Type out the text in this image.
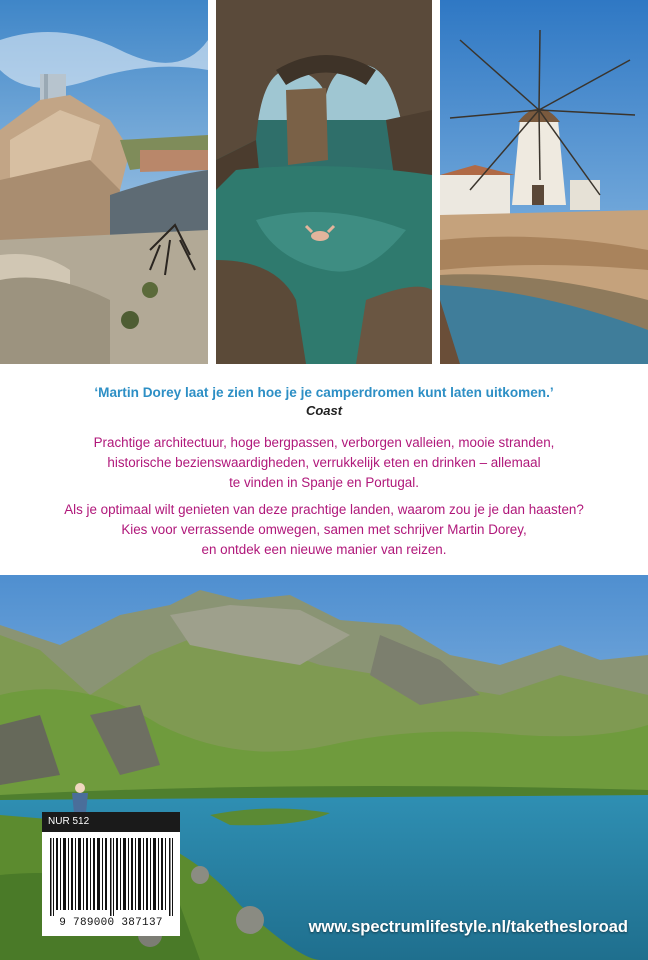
‘Martin Dorey laat je zien hoe je je camperdromen kunt laten uitkomen.’
Coast

Prachtige architectuur, hoge bergpassen, verborgen valleien, mooie stranden,

historische bezienswaardigheden, verrukkelijk eten en drinken – allemaal

te vinden in Spanje en Portugal.

Als je optimaal wilt genieten van deze prachtige landen, waarom zou je je dan haasten?

Kies voor verrassende omwegen, samen met schrijver Martin Dorey,

en ontdek een nieuwe manier van reizen.

NUR 512
9 789000 387137	www.spectrumlifestyle.nl/takethesloroad
